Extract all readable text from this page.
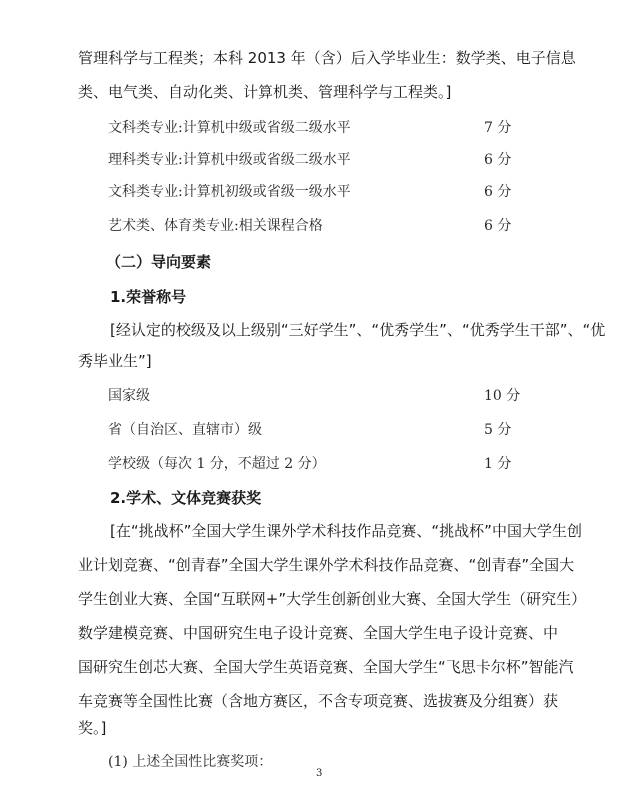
管理科学与工程类；本科 2013 年（含）后入学毕业生：数学类、电子信息
类、电气类、自动化类、计算机类、管理科学与工程类。]
文科类专业:计算机中级或省级二级水平	7 分
理科类专业:计算机中级或省级二级水平	6 分
文科类专业:计算机初级或省级一级水平	6 分
艺术类、体育类专业:相关课程合格	6 分
（二）导向要素
1.荣誉称号
[经认定的校级及以上级别“三好学生”、“优秀学生”、“优秀学生干部”、“优
秀毕业生”]
国家级	10 分
省（自治区、直辖市）级	5 分
学校级（每次 1 分，不超过 2 分）	1 分
2.学术、文体竞赛获奖
[在“挑战杯”全国大学生课外学术科技作品竞赛、“挑战杯”中国大学生创
业计划竞赛、“创青春”全国大学生课外学术科技作品竞赛、“创青春”全国大
学生创业大赛、全国“互联网+”大学生创新创业大赛、全国大学生（研究生）
数学建模竞赛、中国研究生电子设计竞赛、全国大学生电子设计竞赛、中
国研究生创芯大赛、全国大学生英语竞赛、全国大学生“飞思卡尔杯”智能汽
车竞赛等全国性比赛（含地方赛区，不含专项竞赛、选拔赛及分组赛）获
奖。]
(1) 上述全国性比赛奖项：
3
